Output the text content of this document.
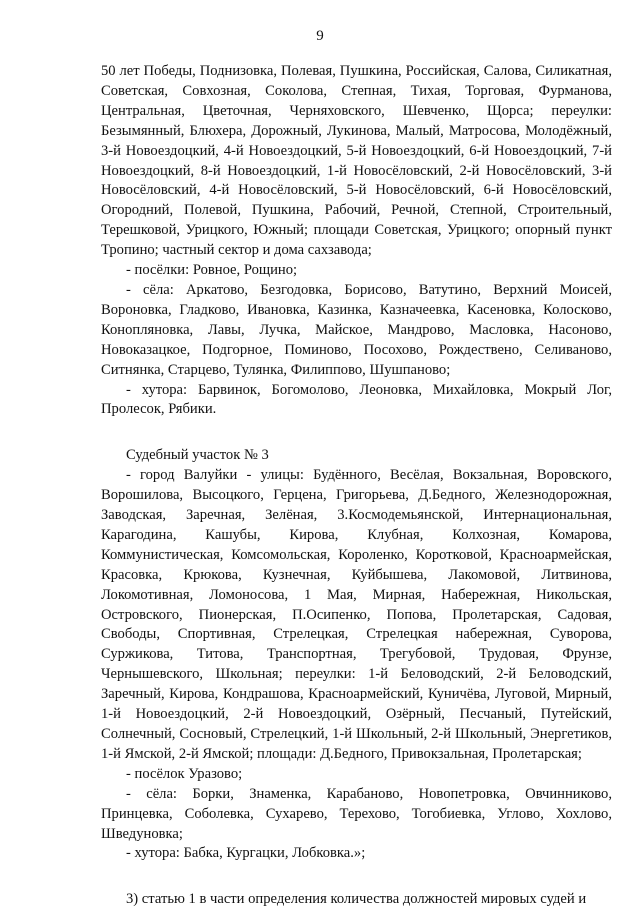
9

50 лет Победы, Поднизовка, Полевая, Пушкина, Российская, Салова, Силикатная, Советская, Совхозная, Соколова, Степная, Тихая, Торговая, Фурманова, Центральная, Цветочная, Черняховского, Шевченко, Щорса; переулки: Безымянный, Блюхера, Дорожный, Лукинова, Малый, Матросова, Молодёжный, 3-й Новоездоцкий, 4-й Новоездоцкий, 5-й Новоездоцкий, 6-й Новоездоцкий, 7-й Новоездоцкий, 8-й Новоездоцкий, 1-й Новосёловский, 2-й Новосёловский, 3-й Новосёловский, 4-й Новосёловский, 5-й Новосёловский, 6-й Новосёловский, Огородний, Полевой, Пушкина, Рабочий, Речной, Степной, Строительный, Терешковой, Урицкого, Южный; площади Советская, Урицкого; опорный пункт Тропино; частный сектор и дома сахзавода;

- посёлки: Ровное, Рощино;

- сёла: Аркатово, Безгодовка, Борисово, Ватутино, Верхний Моисей, Вороновка, Гладково, Ивановка, Казинка, Казначеевка, Касеновка, Колосково, Конопляновка, Лавы, Лучка, Майское, Мандрово, Масловка, Насоново, Новоказацкое, Подгорное, Поминово, Посохово, Рождествено, Селиваново, Ситнянка, Старцево, Тулянка, Филиппово, Шушпаново;

- хутора: Барвинок, Богомолово, Леоновка, Михайловка, Мокрый Лог, Пролесок, Рябики.

Судебный участок № 3

- город Валуйки - улицы: Будённого, Весёлая, Вокзальная, Воровского, Ворошилова, Высоцкого, Герцена, Григорьева, Д.Бедного, Железнодорожная, Заводская, Заречная, Зелёная, 3.Космодемьянской, Интернациональная, Карагодина, Кашубы, Кирова, Клубная, Колхозная, Комарова, Коммунистическая, Комсомольская, Короленко, Коротковой, Красноармейская, Красовка, Крюкова, Кузнечная, Куйбышева, Лакомовой, Литвинова, Локомотивная, Ломоносова, 1 Мая, Мирная, Набережная, Никольская, Островского, Пионерская, П.Осипенко, Попова, Пролетарская, Садовая, Свободы, Спортивная, Стрелецкая, Стрелецкая набережная, Суворова, Суржикова, Титова, Транспортная, Трегубовой, Трудовая, Фрунзе, Чернышевского, Школьная; переулки: 1-й Беловодский, 2-й Беловодский, Заречный, Кирова, Кондрашова, Красноармейский, Куничёва, Луговой, Мирный, 1-й Новоездоцкий, 2-й Новоездоцкий, Озёрный, Песчаный, Путейский, Солнечный, Сосновый, Стрелецкий, 1-й Школьный, 2-й Школьный, Энергетиков, 1-й Ямской, 2-й Ямской; площади: Д.Бедного, Привокзальная, Пролетарская;

- посёлок Уразово;

- сёла: Борки, Знаменка, Карабаново, Новопетровка, Овчинниково, Принцевка, Соболевка, Сухарево, Терехово, Тогобиевка, Углово, Хохлово, Шведуновка;

- хутора: Бабка, Кургацки, Лобковка.»;

3) статью 1 в части определения количества должностей мировых судей и
